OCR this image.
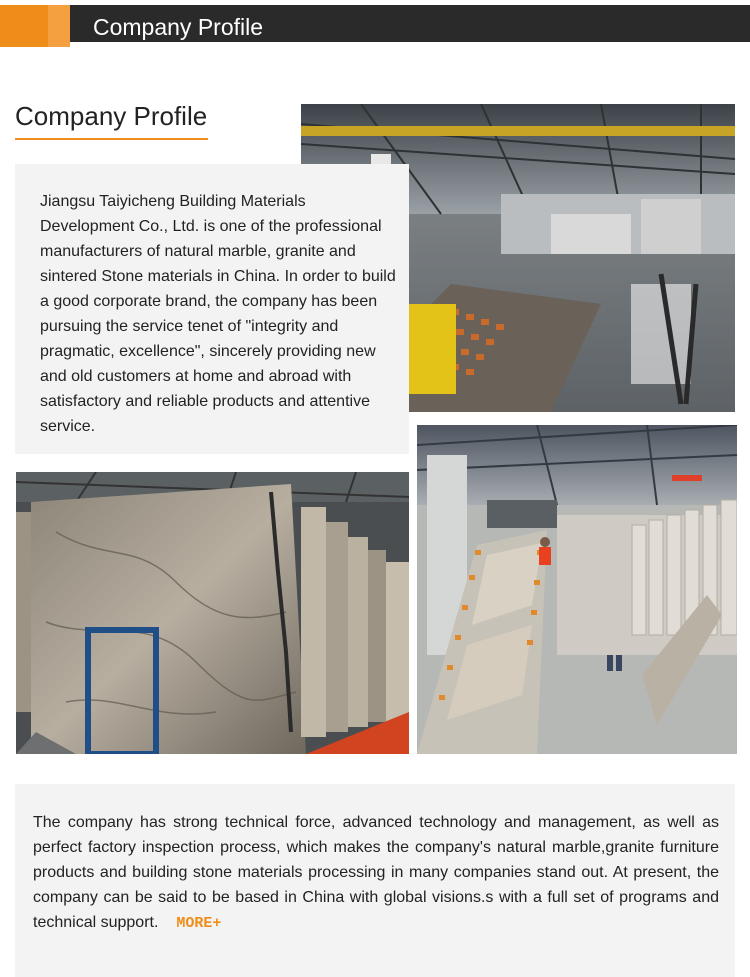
Company Profile
Company Profile

Jiangsu Taiyicheng Building Materials Development Co., Ltd. is one of the professional manufacturers of natural marble, granite and sintered Stone materials in China. In order to build a good corporate brand, the company has been pursuing the service tenet of "integrity and pragmatic, excellence", sincerely providing new and old customers at home and abroad with satisfactory and reliable products and attentive service.

The company has strong technical force, advanced technology and management, as well as perfect factory inspection process, which makes the company's natural marble,granite furniture products and building stone materials processing in many companies stand out. At present, the company can be said to be based in China with global visions.s with a full set of programs and technical support. MORE+
